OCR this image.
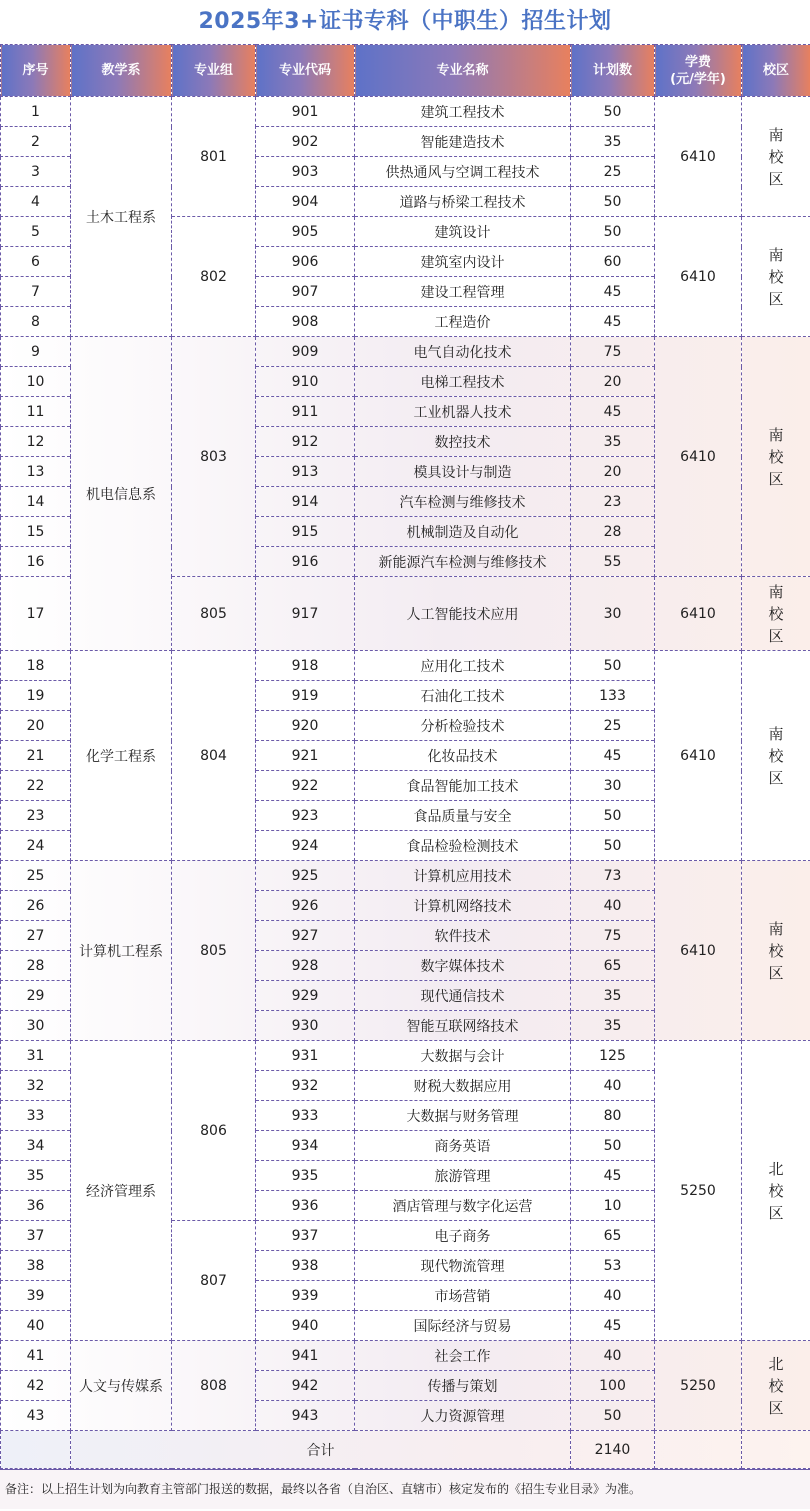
2025年3+证书专科（中职生）招生计划
序号	教学系	专业组	专业代码	专业名称	计划数	学费
(元/学年)	校区
1	土木工程系	801	901	建筑工程技术	50	6410	南
校
区
2			902	智能建造技术	35		
3			903	供热通风与空调工程技术	25		
4			904	道路与桥梁工程技术	50		
5		802	905	建筑设计	50	6410	南
校
区
6			906	建筑室内设计	60		
7			907	建设工程管理	45		
8			908	工程造价	45		
9	机电信息系	803	909	电气自动化技术	75	6410	南
校
区
10			910	电梯工程技术	20		
11			911	工业机器人技术	45		
12			912	数控技术	35		
13			913	模具设计与制造	20		
14			914	汽车检测与维修技术	23		
15			915	机械制造及自动化	28		
16			916	新能源汽车检测与维修技术	55		
17		805	917	人工智能技术应用	30	6410	南
校
区
18	化学工程系	804	918	应用化工技术	50	6410	南
校
区
19			919	石油化工技术	133		
20			920	分析检验技术	25		
21			921	化妆品技术	45		
22			922	食品智能加工技术	30		
23			923	食品质量与安全	50		
24			924	食品检验检测技术	50		
25	计算机工程系	805	925	计算机应用技术	73	6410	南
校
区
26			926	计算机网络技术	40		
27			927	软件技术	75		
28			928	数字媒体技术	65		
29			929	现代通信技术	35		
30			930	智能互联网络技术	35		
31	经济管理系	806	931	大数据与会计	125	5250	北
校
区
32			932	财税大数据应用	40		
33			933	大数据与财务管理	80		
34			934	商务英语	50		
35			935	旅游管理	45		
36			936	酒店管理与数字化运营	10		
37		807	937	电子商务	65		
38			938	现代物流管理	53		
39			939	市场营销	40		
40			940	国际经济与贸易	45		
41	人文与传媒系	808	941	社会工作	40	5250	北
校
区
42			942	传播与策划	100		
43			943	人力资源管理	50		
	合计				2140		
备注：以上招生计划为向教育主管部门报送的数据，最终以各省（自治区、直辖市）核定发布的《招生专业目录》为准。
